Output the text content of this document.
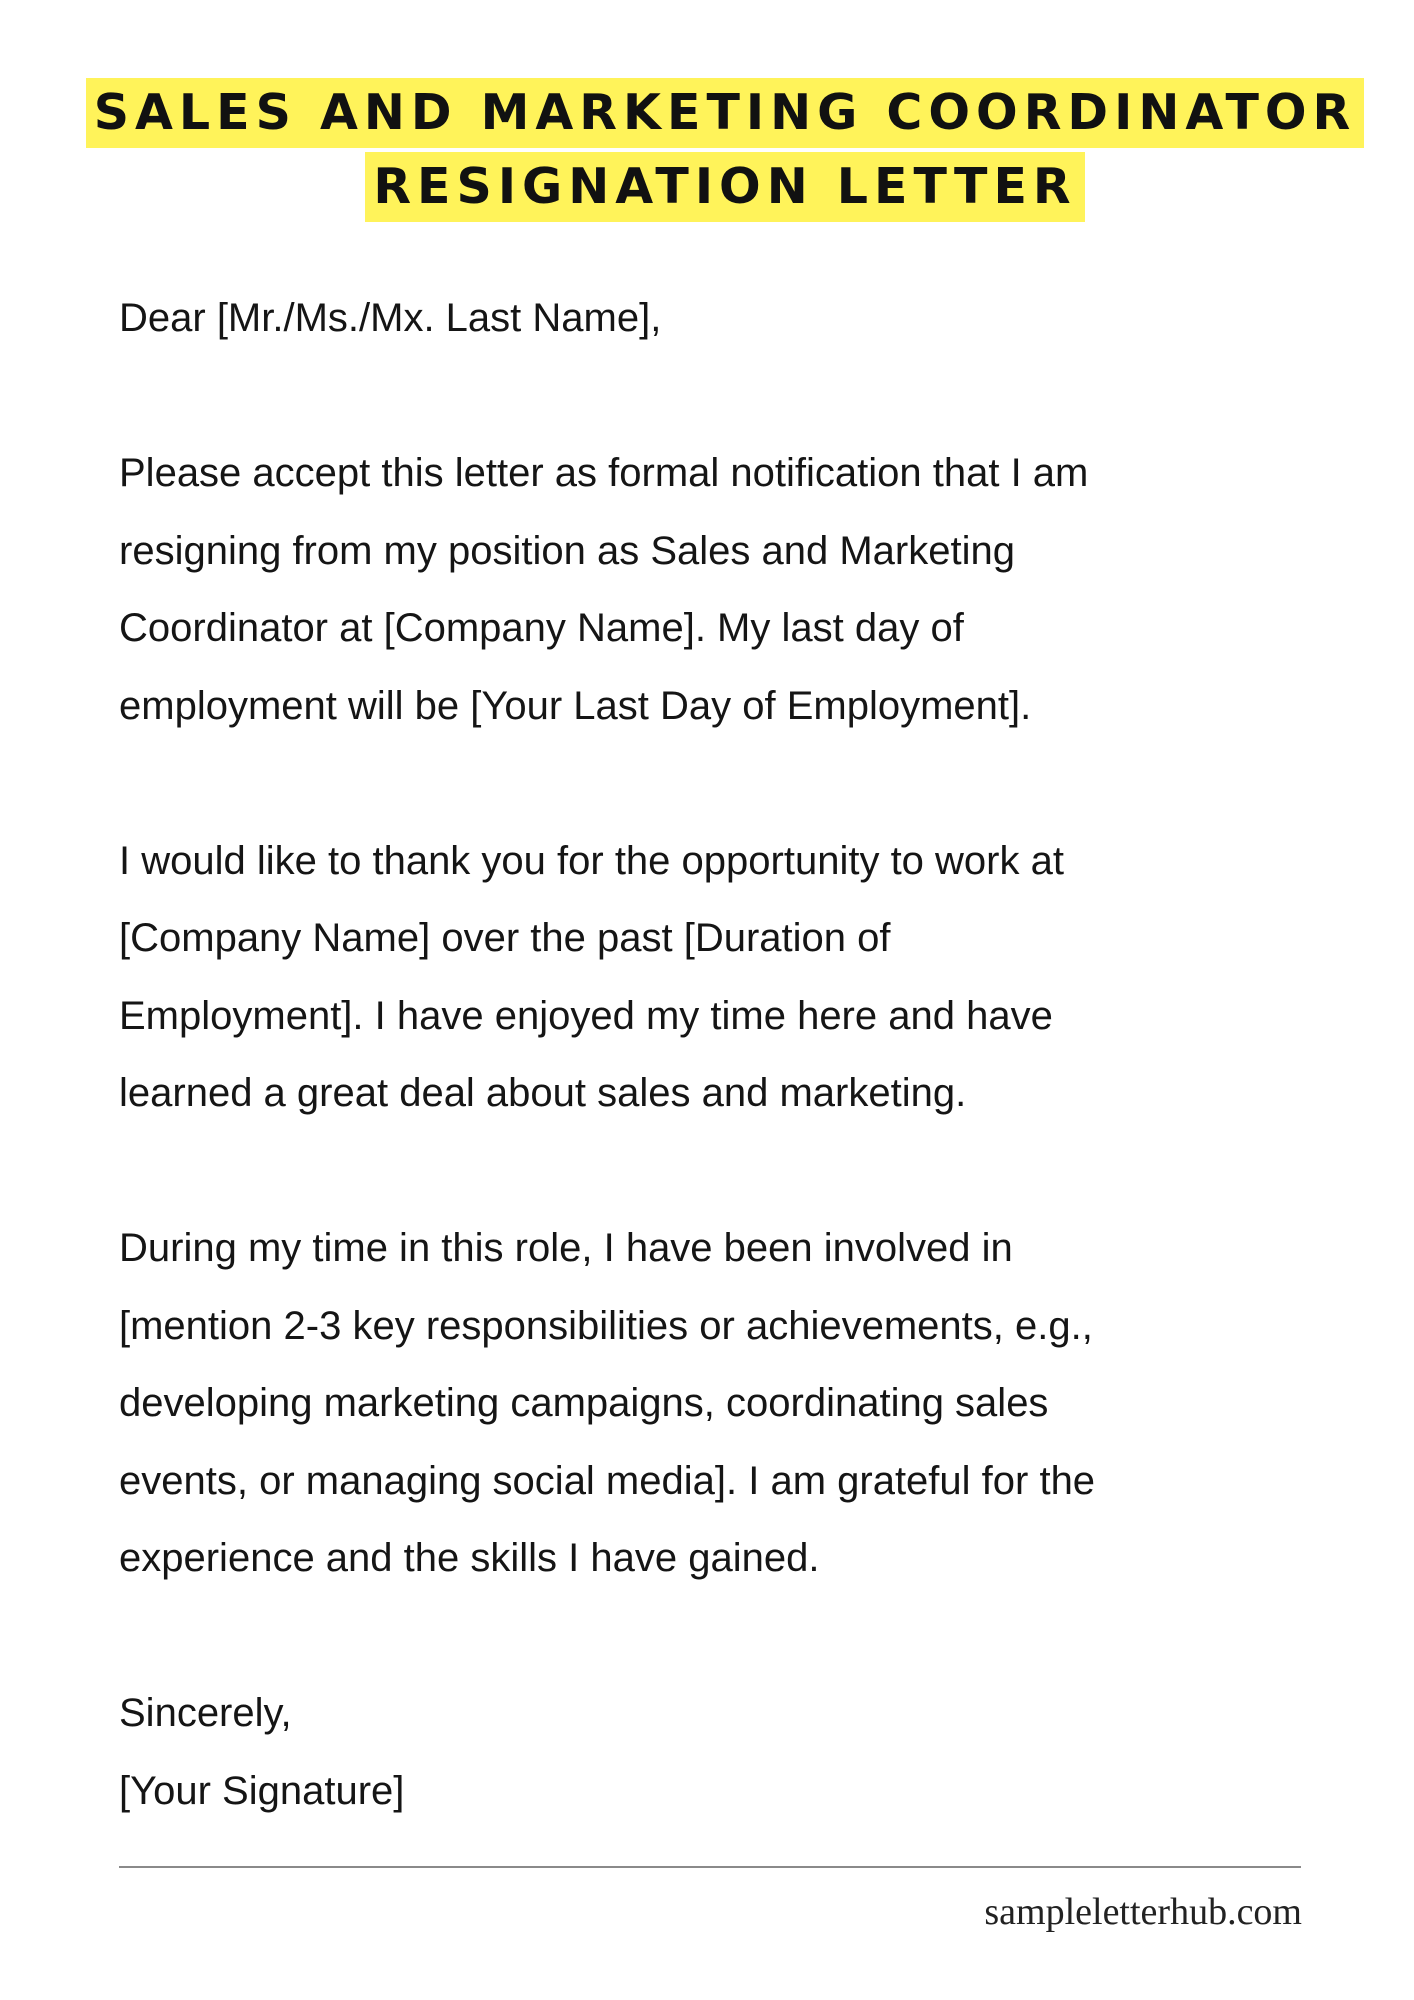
SALES AND MARKETING COORDINATOR
RESIGNATION LETTER
Dear [Mr./Ms./Mx. Last Name],
Please accept this letter as formal notification that I am
resigning from my position as Sales and Marketing
Coordinator at [Company Name]. My last day of
employment will be [Your Last Day of Employment].
I would like to thank you for the opportunity to work at
[Company Name] over the past [Duration of
Employment]. I have enjoyed my time here and have
learned a great deal about sales and marketing.
During my time in this role, I have been involved in
[mention 2-3 key responsibilities or achievements, e.g.,
developing marketing campaigns, coordinating sales
events, or managing social media]. I am grateful for the
experience and the skills I have gained.
Sincerely,
[Your Signature]
sampleletterhub.com
